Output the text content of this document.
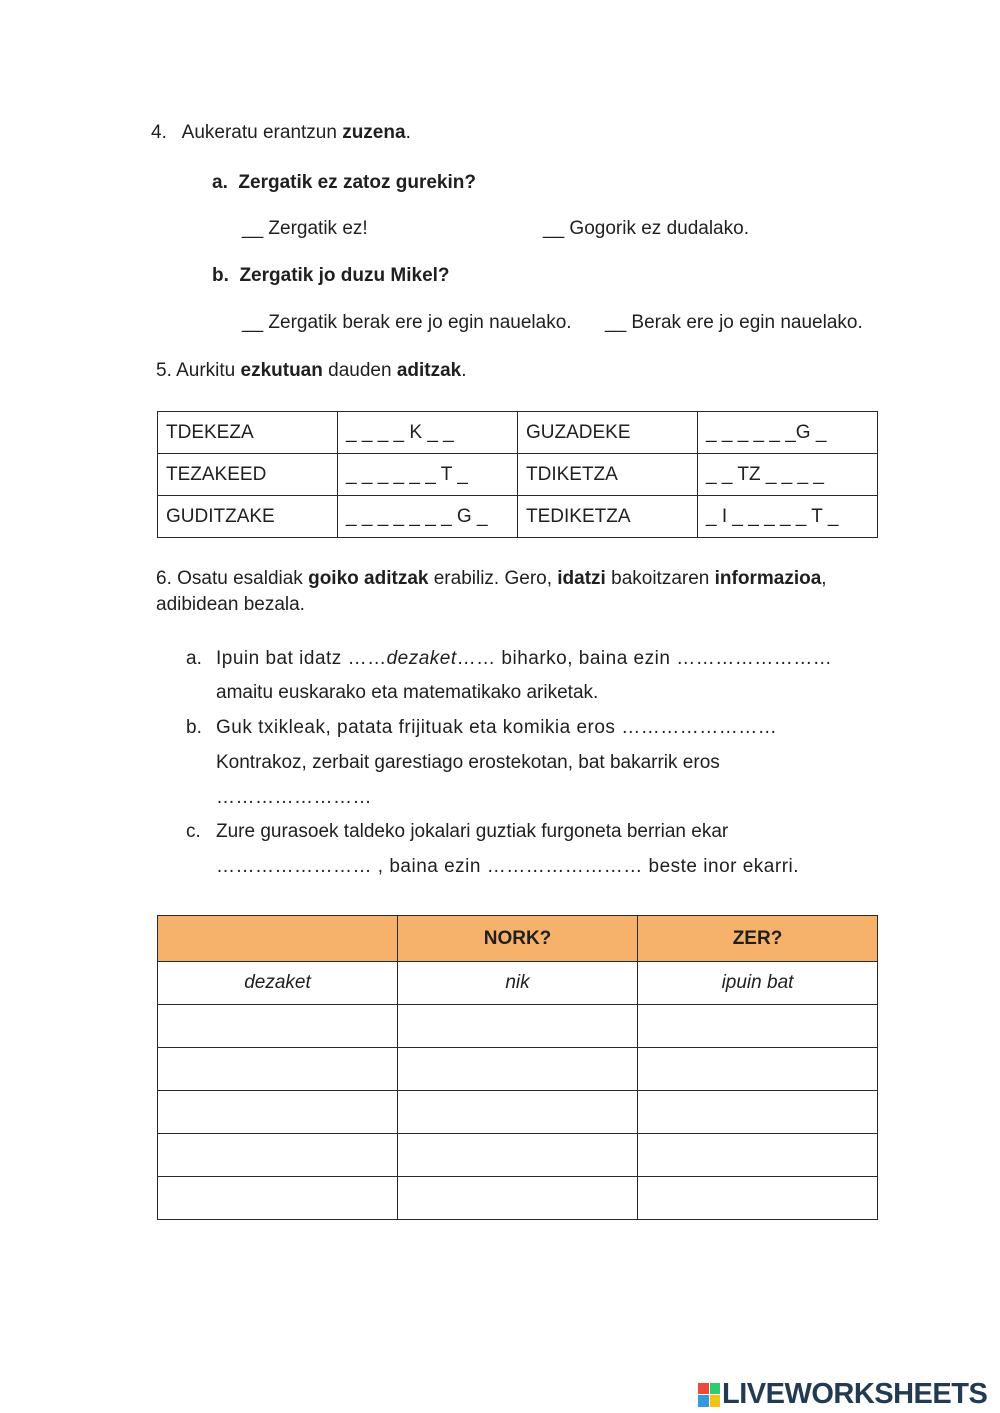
4. Aukeratu erantzun zuzena.
a. Zergatik ez zatoz gurekin?
__ Zergatik ez!	__ Gogorik ez dudalako.
b. Zergatik jo duzu Mikel?
__ Zergatik berak ere jo egin nauelako. __ Berak ere jo egin nauelako.
5. Aurkitu ezkutuan dauden aditzak.
TDEKEZA	_ _ _ _ K _ _	GUZADEKE	_ _ _ _ _ _G _
TEZAKEED	_ _ _ _ _ _ T _	TDIKETZA	_ _ TZ _ _ _ _
GUDITZAKE	_ _ _ _ _ _ _ G _	TEDIKETZA	_ I _ _ _ _ _ T _
6. Osatu esaldiak goiko aditzak erabiliz. Gero, idatzi bakoitzaren informazioa,
adibidean bezala.
a. Ipuin bat idatz ……dezaket…… biharko, baina ezin ……………………
amaitu euskarako eta matematikako ariketak.
b. Guk txikleak, patata frijituak eta komikia eros ……………………
Kontrakoz, zerbait garestiago erostekotan, bat bakarrik eros
……………………
c. Zure gurasoek taldeko jokalari guztiak furgoneta berrian ekar
…………………… , baina ezin …………………… beste inor ekarri.
	NORK?	ZER?
dezaket	nik	ipuin bat

LIVEWORKSHEETS
